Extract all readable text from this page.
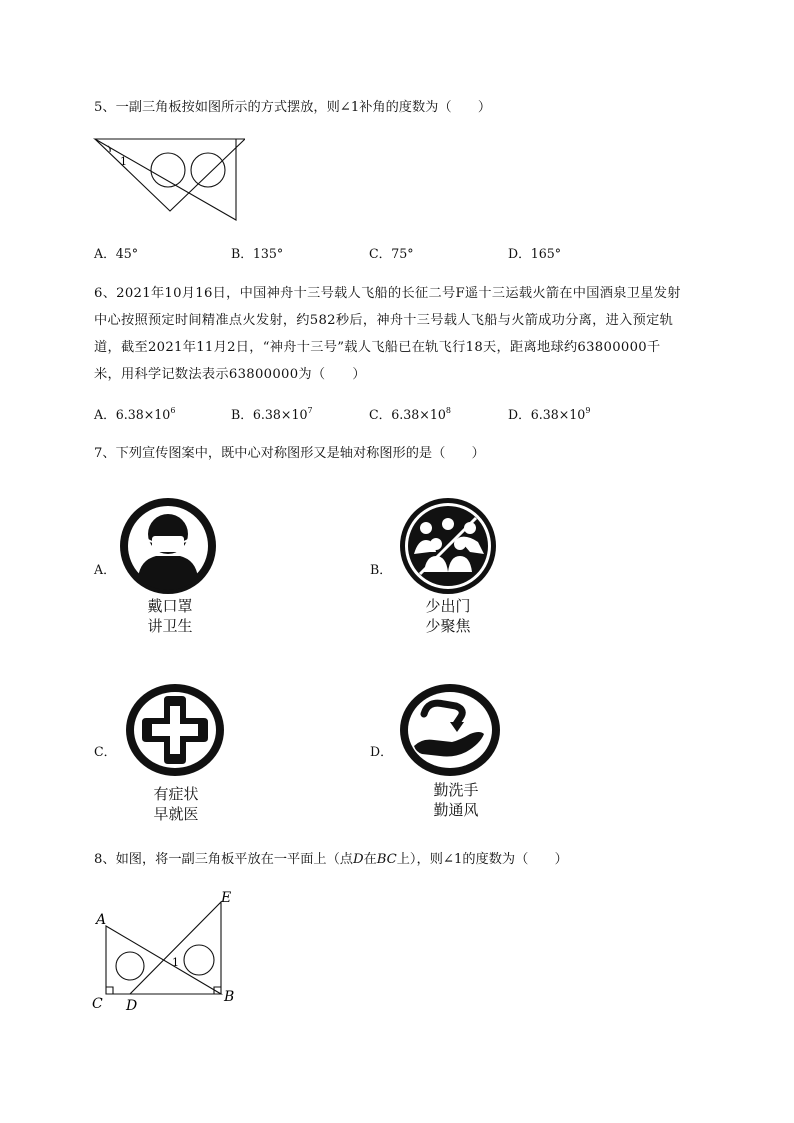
5、一副三角板按如图所示的方式摆放，则∠1补角的度数为（　　）
1
A．45°	B．135°	C．75°	D．165°
6、2021年10月16日，中国神舟十三号载人飞船的长征二号F遥十三运载火箭在中国酒泉卫星发射
中心按照预定时间精准点火发射，约582秒后，神舟十三号载人飞船与火箭成功分离，进入预定轨
道，截至2021年11月2日，“神舟十三号”载人飞船已在轨飞行18天，距离地球约63800000千
米，用科学记数法表示63800000为（　　）
A．$6.38\times 10^6$	B．$6.38\times 10^7$	C．$6.38\times 10^8$	D．$6.38\times 10^9$
7、下列宣传图案中，既中心对称图形又是轴对称图形的是（　　）
A．
戴口罩
讲卫生
B．
少出门
少聚焦
C．
有症状
早就医
D．
勤洗手
勤通风
8、如图，将一副三角板平放在一平面上（点D在BC上），则∠1的度数为（　　）
A
B
C D
E
1
